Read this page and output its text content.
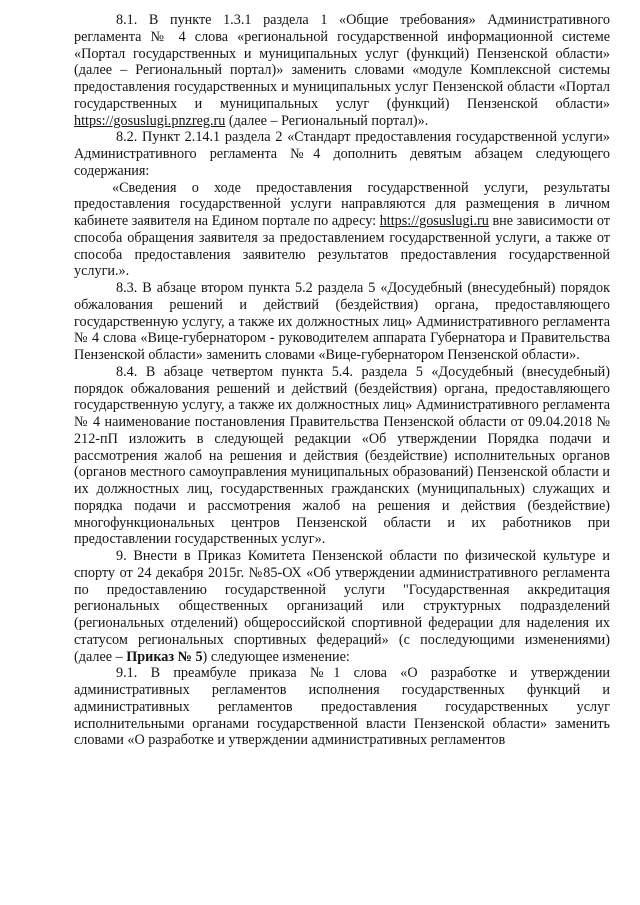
8.1. В пункте 1.3.1 раздела 1 «Общие требования» Административного регламента № 4 слова «региональной государственной информационной системе «Портал государственных и муниципальных услуг (функций) Пензенской области» (далее – Региональный портал)» заменить словами «модуле Комплексной системы предоставления государственных и муниципальных услуг Пензенской области «Портал государственных и муниципальных услуг (функций) Пензенской области» https://gosuslugi.pnzreg.ru (далее – Региональный портал)».

8.2. Пункт 2.14.1 раздела 2 «Стандарт предоставления государственной услуги» Административного регламента №4 дополнить девятым абзацем следующего содержания:

«Сведения о ходе предоставления государственной услуги, результаты предоставления государственной услуги направляются для размещения в личном кабинете заявителя на Едином портале по адресу: https://gosuslugi.ru вне зависимости от способа обращения заявителя за предоставлением государственной услуги, а также от способа предоставления заявителю результатов предоставления государственной услуги.».

8.3. В абзаце втором пункта 5.2 раздела 5 «Досудебный (внесудебный) порядок обжалования решений и действий (бездействия) органа, предоставляющего государственную услугу, а также их должностных лиц» Административного регламента № 4 слова «Вице-губернатором - руководителем аппарата Губернатора и Правительства Пензенской области» заменить словами «Вице-губернатором Пензенской области».

8.4. В абзаце четвертом пункта 5.4. раздела 5 «Досудебный (внесудебный) порядок обжалования решений и действий (бездействия) органа, предоставляющего государственную услугу, а также их должностных лиц» Административного регламента № 4 наименование постановления Правительства Пензенской области от 09.04.2018 № 212-пП изложить в следующей редакции «Об утверждении Порядка подачи и рассмотрения жалоб на решения и действия (бездействие) исполнительных органов (органов местного самоуправления муниципальных образований) Пензенской области и их должностных лиц, государственных гражданских (муниципальных) служащих и порядка подачи и рассмотрения жалоб на решения и действия (бездействие) многофункциональных центров Пензенской области и их работников при предоставлении государственных услуг».

9. Внести в Приказ Комитета Пензенской области по физической культуре и спорту от 24 декабря 2015г. №85-ОХ «Об утверждении административного регламента по предоставлению государственной услуги "Государственная аккредитация региональных общественных организаций или структурных подразделений (региональных отделений) общероссийской спортивной федерации для наделения их статусом региональных спортивных федераций» (с последующими изменениями) (далее – Приказ № 5) следующее изменение:

9.1. В преамбуле приказа №1 слова «О разработке и утверждении административных регламентов исполнения государственных функций и административных регламентов предоставления государственных услуг исполнительными органами государственной власти Пензенской области» заменить словами «О разработке и утверждении административных регламентов
